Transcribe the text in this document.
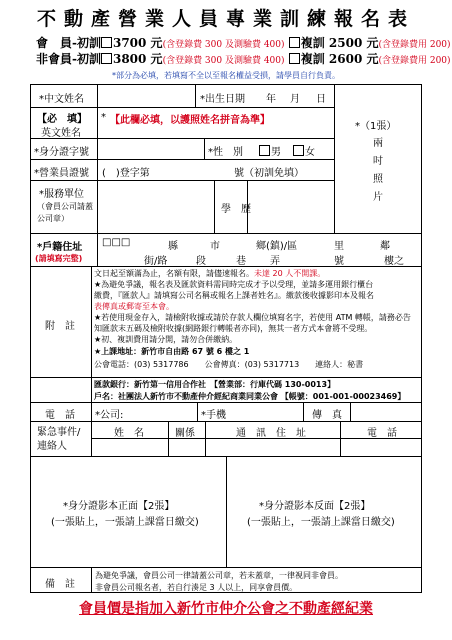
不動產營業人員專業訓練報名表
會　員-初訓 3700 元(含登錄費 300 及測驗費 400) 複訓 2500 元(含登錄費用 200)
非會員-初訓 3800 元(含登錄費 300 及測驗費 400) 複訓 2600 元(含登錄費用 200)
*部分為必填，若填寫不全以至報名權益受損，請學員自行負責。
*中文姓名	*出生日期 年 月 日
*（1張）
兩吋照片
【必　填】
英文姓名
* 【此欄必填，以護照姓名拼音為準】
*身分證字號	*性　別	男	女
*營業員證號 (　)登字第	號（初訓免填）
*服務單位
（會員公司請蓋公司章）
學　歷
*戶籍住址
(請填寫完整)
□□□	縣	市	鄉(鎮)/區	里	鄰
街/路	段	巷 弄	號	樓之
附　註
文日起至額滿為止，名額有限，請儘速報名。未達 20 人不開課。
★為避免爭議，報名表及匯款資料需同時完成才予以受理，並請多運用銀行櫃台
繳費，『匯款人』請填寫公司名稱或報名上課者姓名』。繳款後收據影印本及報名
表傳真或郵寄至本會。
★若使用現金存入，請檢附收據或請於存款人欄位填寫名字，若使用 ATM 轉帳，請務必告
知匯款末五碼及檢附收據(網路銀行轉帳者亦同)，無其一者方式本會將不受理。
★初、複訓費用請分開，請勿合併繳納。
★上課地址：新竹市自由路 67 號 6 樓之 1
公會電話：(03) 5317786　　公會傳真：(03) 5317713　　連絡人：秘書
匯款銀行：新竹第一信用合作社　【營業部：行庫代碼 130-0013】
戶名：社團法人新竹市不動產仲介經紀商業同業公會 【帳號：001-001-00023469】
電　話 *公司:	*手機	傳　真
緊急事件/連絡人
姓　名	關係	通　訊　住　址	電　話
*身分證影本正面【2張】
(一張貼上，一張請上課當日繳交)
*身分證影本反面【2張】
(一張貼上，一張請上課當日繳交)
備　註
為避免爭議，會員公司一律請蓋公司章，若未蓋章，一律視同非會員。
非會員公司報名者，若自行湊足 3 人以上，同享會員價。
會員價是指加入新竹市仲介公會之不動產經紀業
